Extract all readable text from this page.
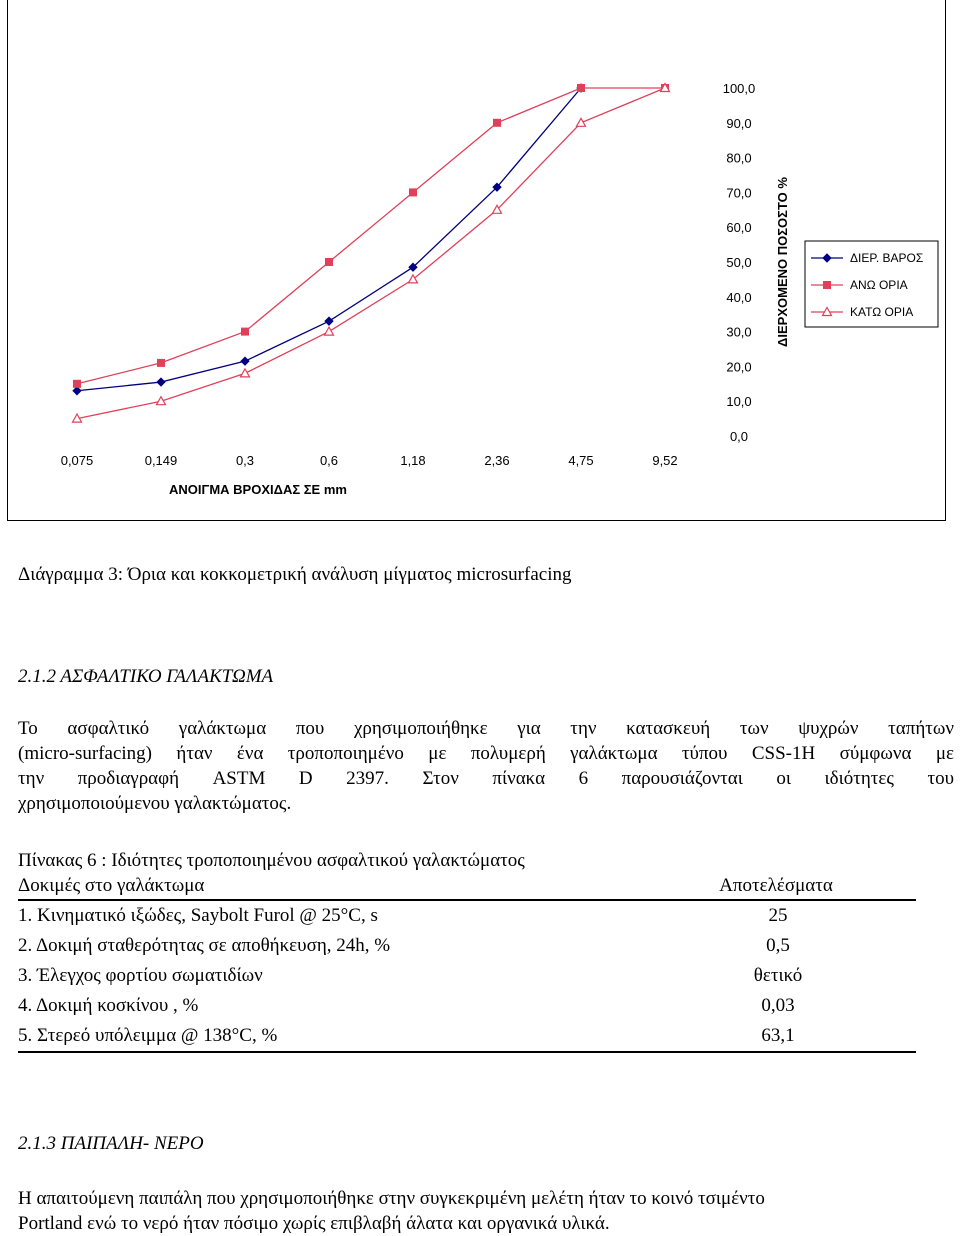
0,075	0,149	0,3	0,6	1,18	2,36	4,75	9,52
ΑΝΟΙΓΜΑ ΒΡΟΧΙΔΑΣ ΣΕ mm
0,0
10,0
20,0
30,0
40,0
50,0
60,0
70,0
80,0
90,0
100,0
ΔΙΕΡΧΟΜΕΝΟ ΠΟΣΟΣΤΟ %	ΔΙΕΡ. ΒΑΡΟΣ
ΑΝΩ ΟΡΙΑ
ΚΑΤΩ ΟΡΙΑ
Διάγραμμα 3: Όρια και κοκκομετρική ανάλυση μίγματος microsurfacing
2.1.2 ΑΣΦΑΛΤΙΚΟ ΓΑΛΑΚΤΩΜΑ
Το ασφαλτικό γαλάκτωμα που χρησιμοποιήθηκε για την κατασκευή των ψυχρών ταπήτων
(micro-surfacing) ήταν ένα τροποποιημένο με πολυμερή γαλάκτωμα τύπου CSS-1H σύμφωνα με
την προδιαγραφή ASTM D 2397. Στον πίνακα 6 παρουσιάζονται οι ιδιότητες του
χρησιμοποιούμενου γαλακτώματος.
Πίνακας 6 : Ιδιότητες τροποποιημένου ασφαλτικού γαλακτώματος
Δοκιμές στο γαλάκτωμα	Αποτελέσματα
1. Κινηματικό ιξώδες, Saybolt Furol @ 25°C, s	25
2. Δοκιμή σταθερότητας σε αποθήκευση, 24h, %	0,5
3. Έλεγχος φορτίου σωματιδίων	θετικό
4. Δοκιμή κοσκίνου , %	0,03
5. Στερεό υπόλειμμα @ 138°C, %	63,1
2.1.3 ΠΑΙΠΑΛΗ- ΝΕΡΟ
Η απαιτούμενη παιπάλη που χρησιμοποιήθηκε στην συγκεκριμένη μελέτη ήταν το κοινό τσιμέντο
Portland ενώ το νερό ήταν πόσιμο χωρίς επιβλαβή άλατα και οργανικά υλικά.
